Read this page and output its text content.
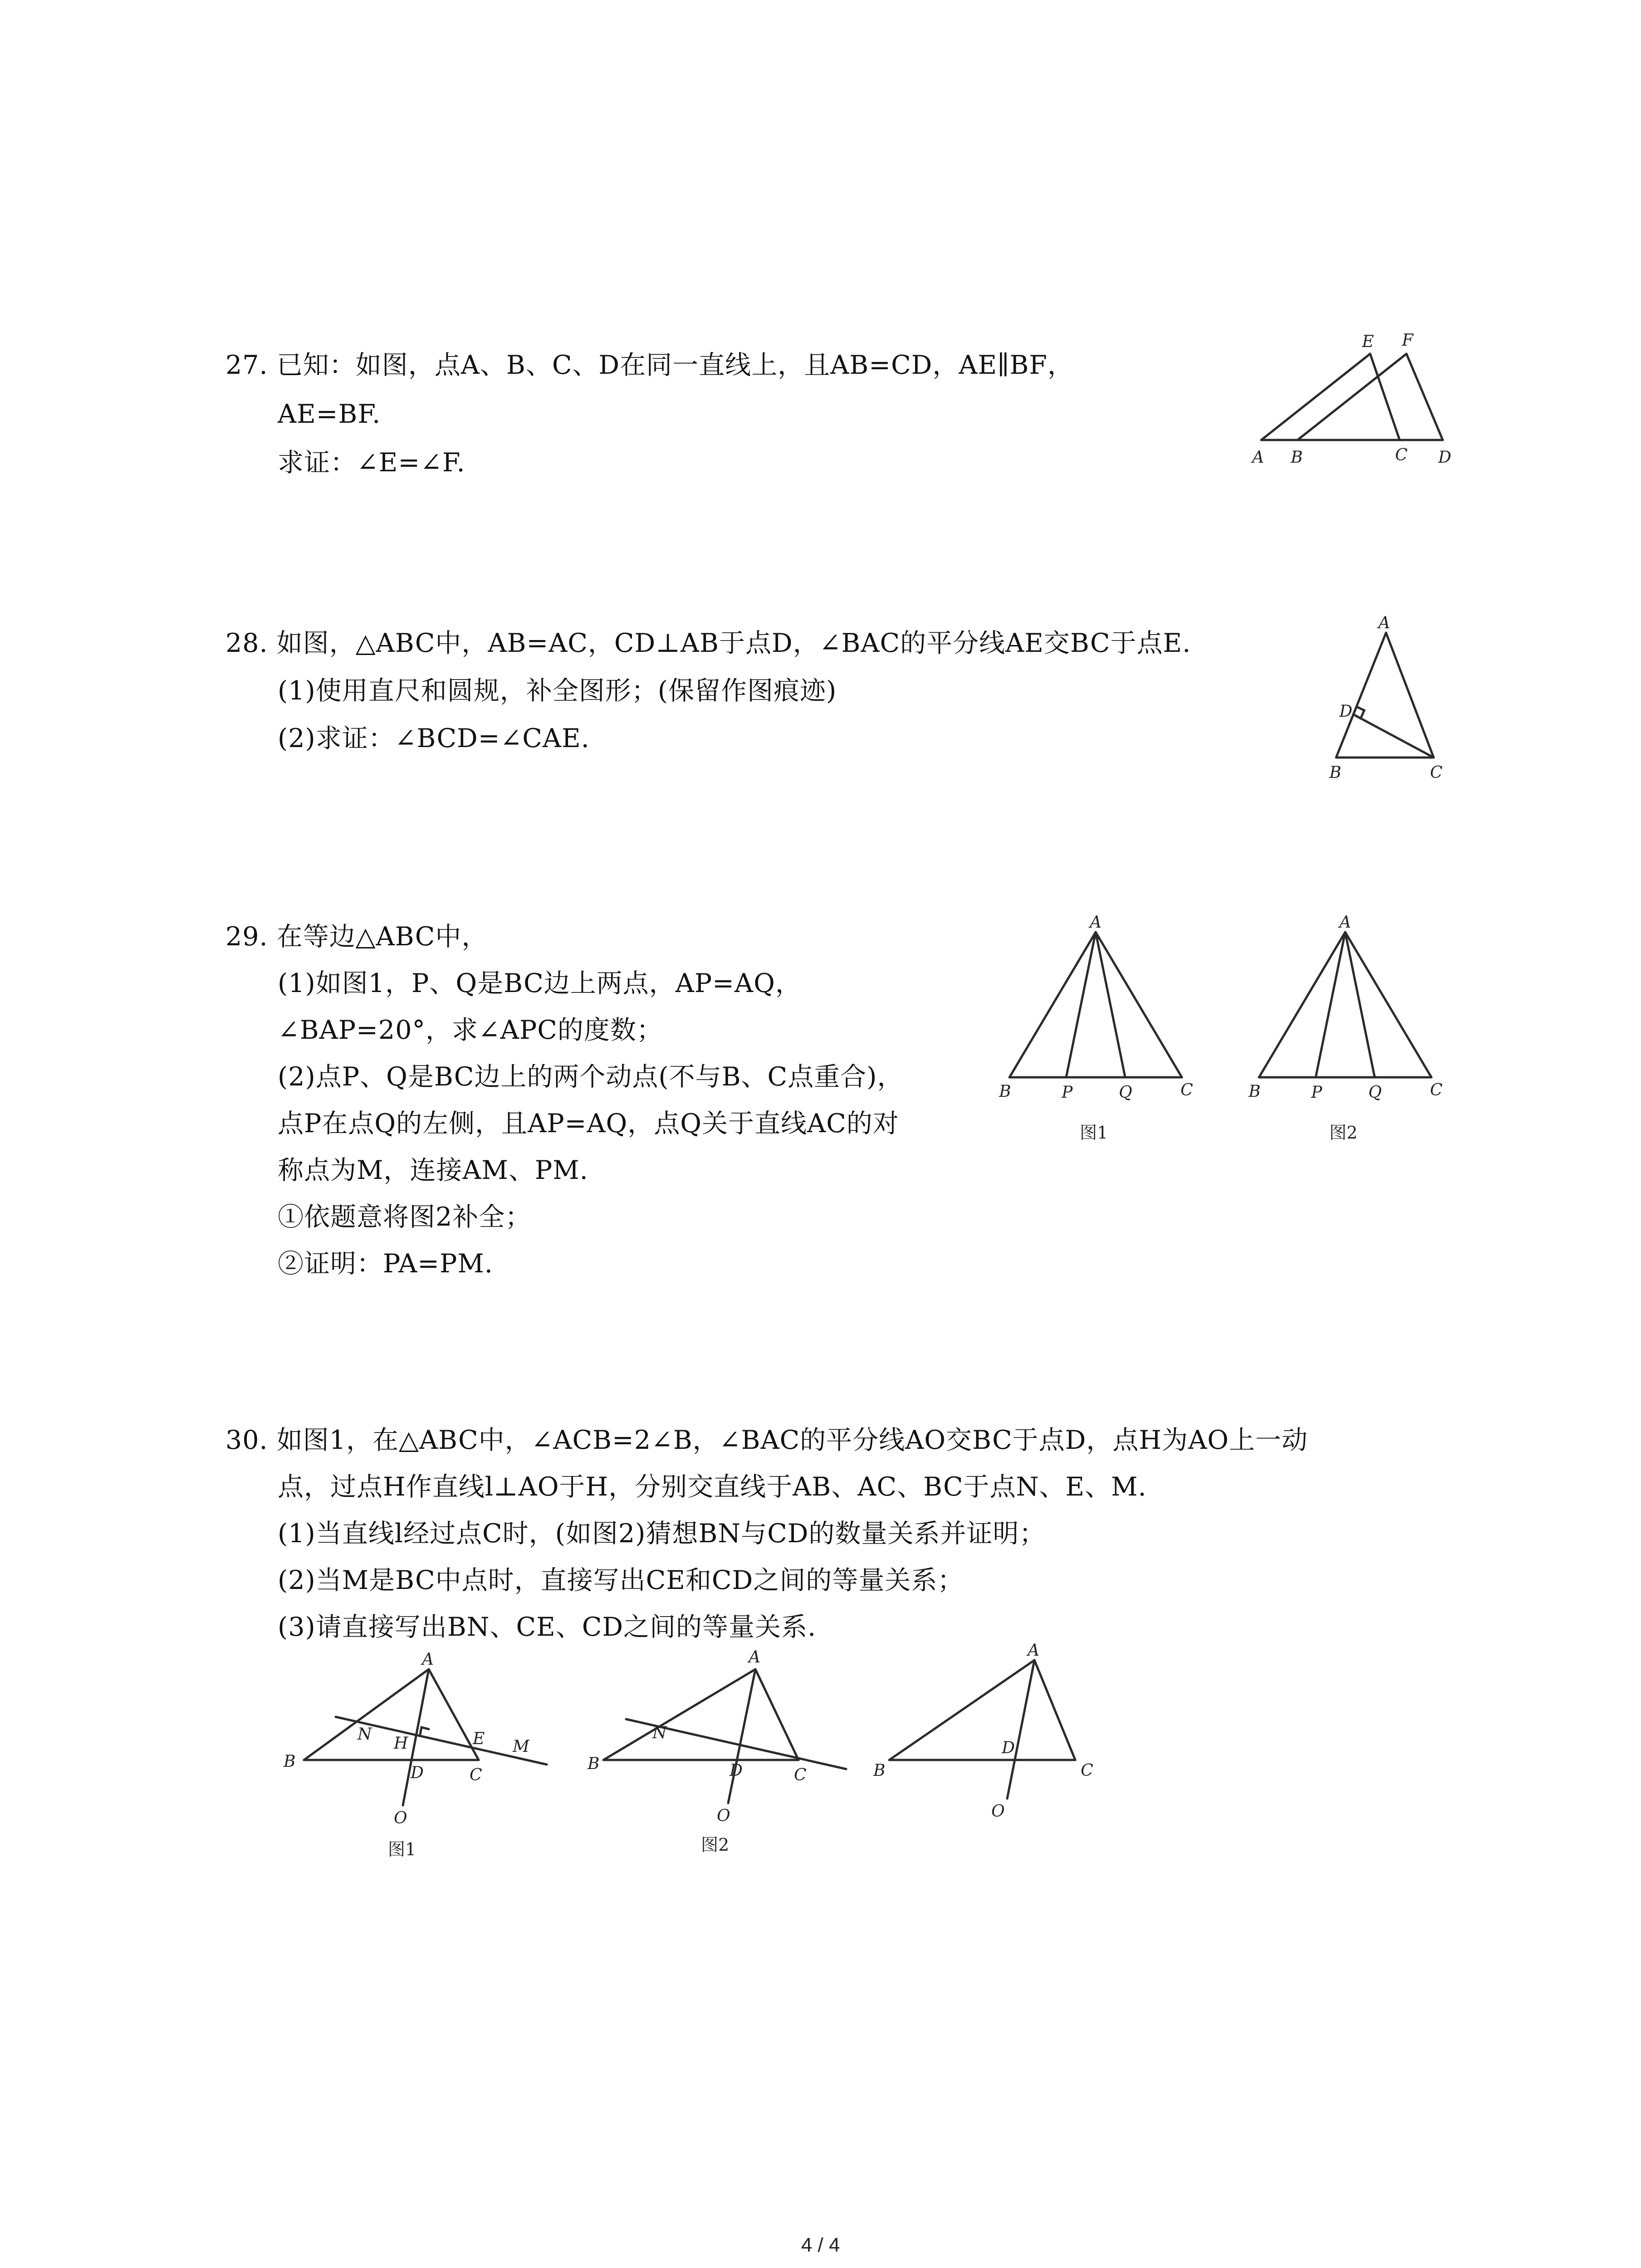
27. 已知：如图，点A、B、C、D在同一直线上，且AB=CD，AE∥BF，
AE=BF.
求证：∠E=∠F.	A B	C D
E F
28. 如图，△ABC中，AB=AC，CD⊥AB于点D，∠BAC的平分线AE交BC于点E.
(1)使用直尺和圆规，补全图形；(保留作图痕迹)
(2)求证：∠BCD=∠CAE.
A
B	C
D
29. 在等边△ABC中，
(1)如图1，P、Q是BC边上两点，AP=AQ，
∠BAP=20°，求∠APC的度数；
(2)点P、Q是BC边上的两个动点(不与B、C点重合)，
点P在点Q的左侧，且AP=AQ，点Q关于直线AC的对
称点为M，连接AM、PM.
①依题意将图2补全；
②证明：PA=PM.
A
B	P	Q	C
图1
A
B	P	Q	C
图2
30. 如图1，在△ABC中，∠ACB=2∠B，∠BAC的平分线AO交BC于点D，点H为AO上一动
点，过点H作直线l⊥AO于H，分别交直线于AB、AC、BC于点N、E、M.
(1)当直线l经过点C时，(如图2)猜想BN与CD的数量关系并证明；
(2)当M是BC中点时，直接写出CE和CD之间的等量关系；
(3)请直接写出BN、CE、CD之间的等量关系.
A
B
C
D
E
H	M
N
O
图1
A
B
C
D
N
O
图2
A
B	C
D
O
4 / 4
